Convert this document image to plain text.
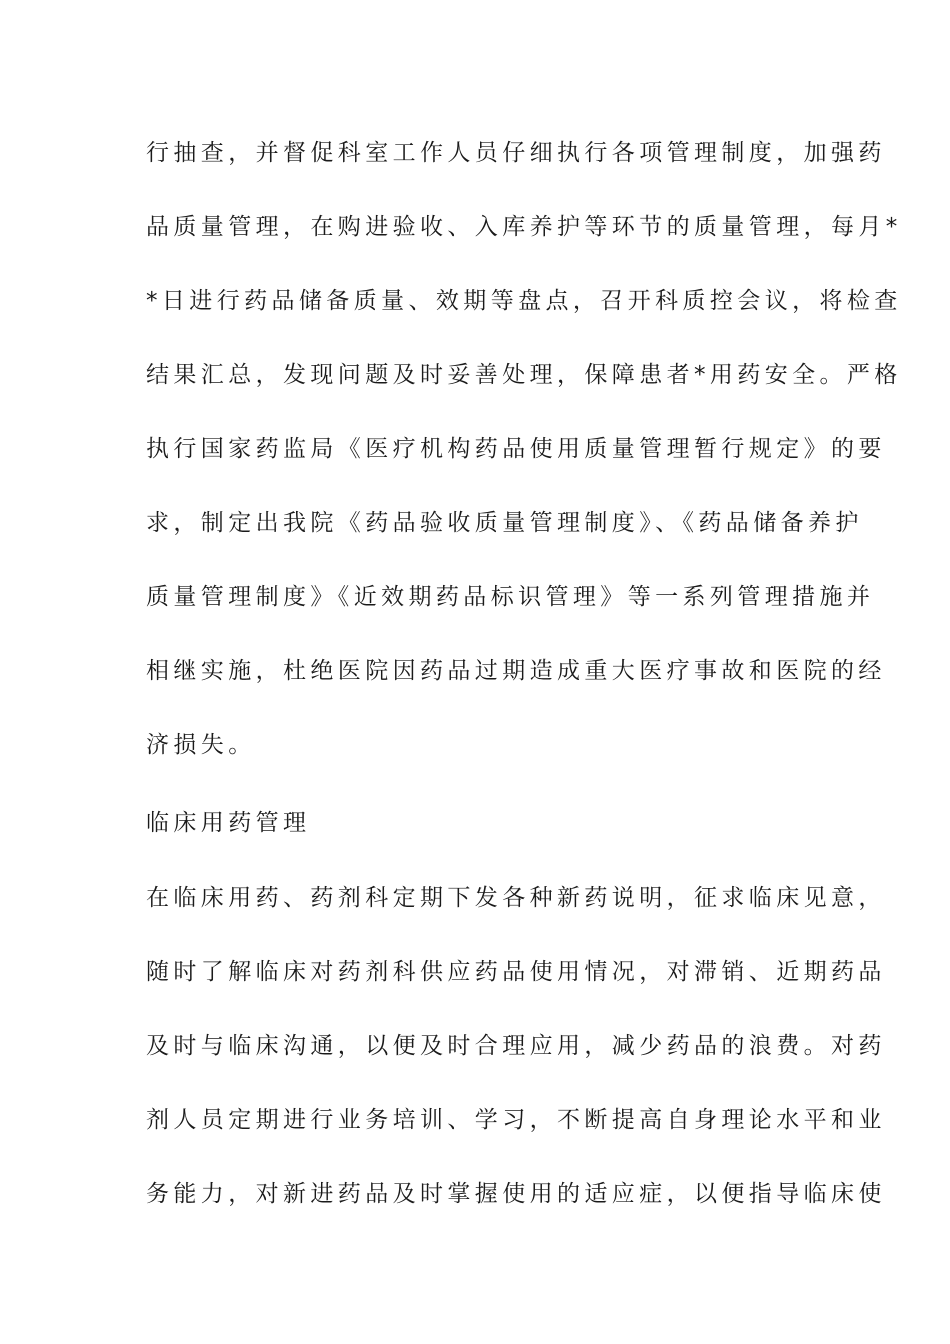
行抽查，并督促科室工作人员仔细执行各项管理制度，加强药
品质量管理，在购进验收、入库养护等环节的质量管理，每月*
*日进行药品储备质量、效期等盘点，召开科质控会议，将检查
结果汇总，发现问题及时妥善处理，保障患者*用药安全。严格
执行国家药监局《医疗机构药品使用质量管理暂行规定》的要
求，制定出我院《药品验收质量管理制度》、《药品储备养护
质量管理制度》《近效期药品标识管理》等一系列管理措施并
相继实施，杜绝医院因药品过期造成重大医疗事故和医院的经
济损失。
临床用药管理
在临床用药、药剂科定期下发各种新药说明，征求临床见意，
随时了解临床对药剂科供应药品使用情况，对滞销、近期药品
及时与临床沟通，以便及时合理应用，减少药品的浪费。对药
剂人员定期进行业务培训、学习，不断提高自身理论水平和业
务能力，对新进药品及时掌握使用的适应症，以便指导临床使
